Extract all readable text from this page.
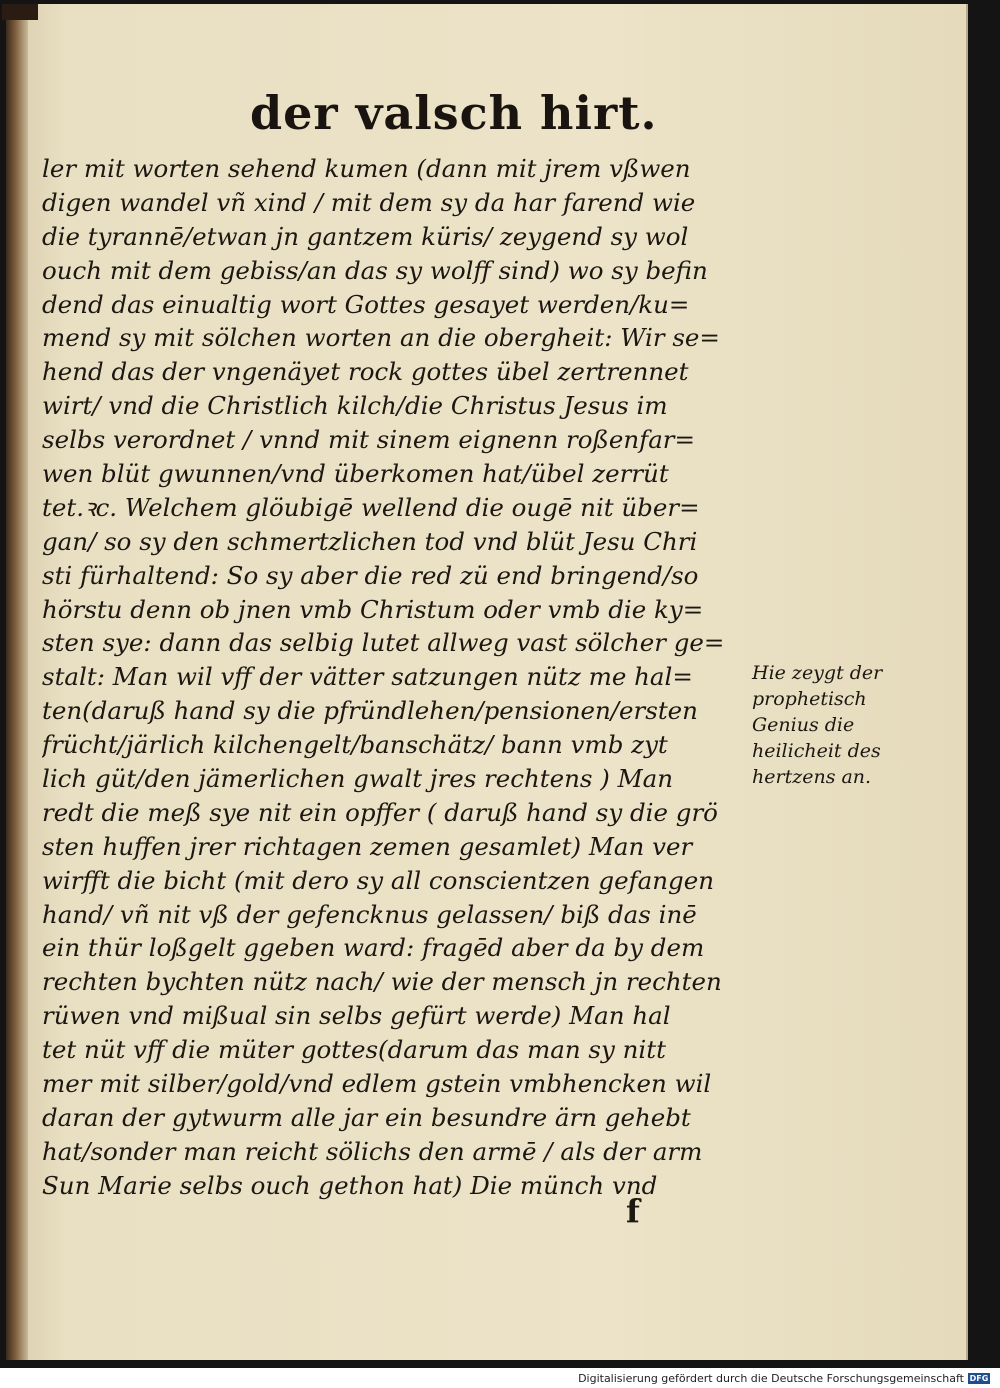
der valsch hirt.
ler mit worten sehend kumen (dann mit jrem vßwen
digen wandel vñ xind / mit dem sy da har farend wie
die tyrannē/etwan jn gantzem küris/ zeygend sy wol
ouch mit dem gebiss/an das sy wolff sind) wo sy befin
dend das einualtig wort Gottes gesayet werden/ku=
mend sy mit sölchen worten an die obergheit: Wir se=
hend das der vngenäyet rock gottes übel zertrennet
wirt/ vnd die Christlich kilch/die Christus Jesus im
selbs verordnet / vnnd mit sinem eignenn roßenfar=
wen blüt gwunnen/vnd überkomen hat/übel zerrüt
tet.ꝛc. Welchem glöubigē wellend die ougē nit über=
gan/ so sy den schmertzlichen tod vnd blüt Jesu Chri
sti fürhaltend: So sy aber die red zü end bringend/so
hörstu denn ob jnen vmb Christum oder vmb die ky=
sten sye: dann das selbig lutet allweg vast sölcher ge=
stalt: Man wil vff der vätter satzungen nütz me hal=
ten(daruß hand sy die pfründlehen/pensionen/ersten
frücht/järlich kilchengelt/banschätz/ bann vmb zyt
lich güt/den jämerlichen gwalt jres rechtens ) Man
redt die meß sye nit ein opffer ( daruß hand sy die grö
sten huffen jrer richtagen zemen gesamlet) Man ver
wirfft die bicht (mit dero sy all conscientzen gefangen
hand/ vñ nit vß der gefencknus gelassen/ biß das inē
ein thür loßgelt ggeben ward: fragēd aber da by dem
rechten bychten nütz nach/ wie der mensch jn rechten
rüwen vnd mißual sin selbs gefürt werde) Man hal
tet nüt vff die müter gottes(darum das man sy nitt
mer mit silber/gold/vnd edlem gstein vmbhencken wil
daran der gytwurm alle jar ein besundre ärn gehebt
hat/sonder man reicht sölichs den armē / als der arm
Sun Marie selbs ouch gethon hat) Die münch vnd
Hie zeygt der
prophetisch
Genius die
heilicheit des
hertzens an.
f
Digitalisierung gefördert durch die Deutsche Forschungsgemeinschaft DFG
